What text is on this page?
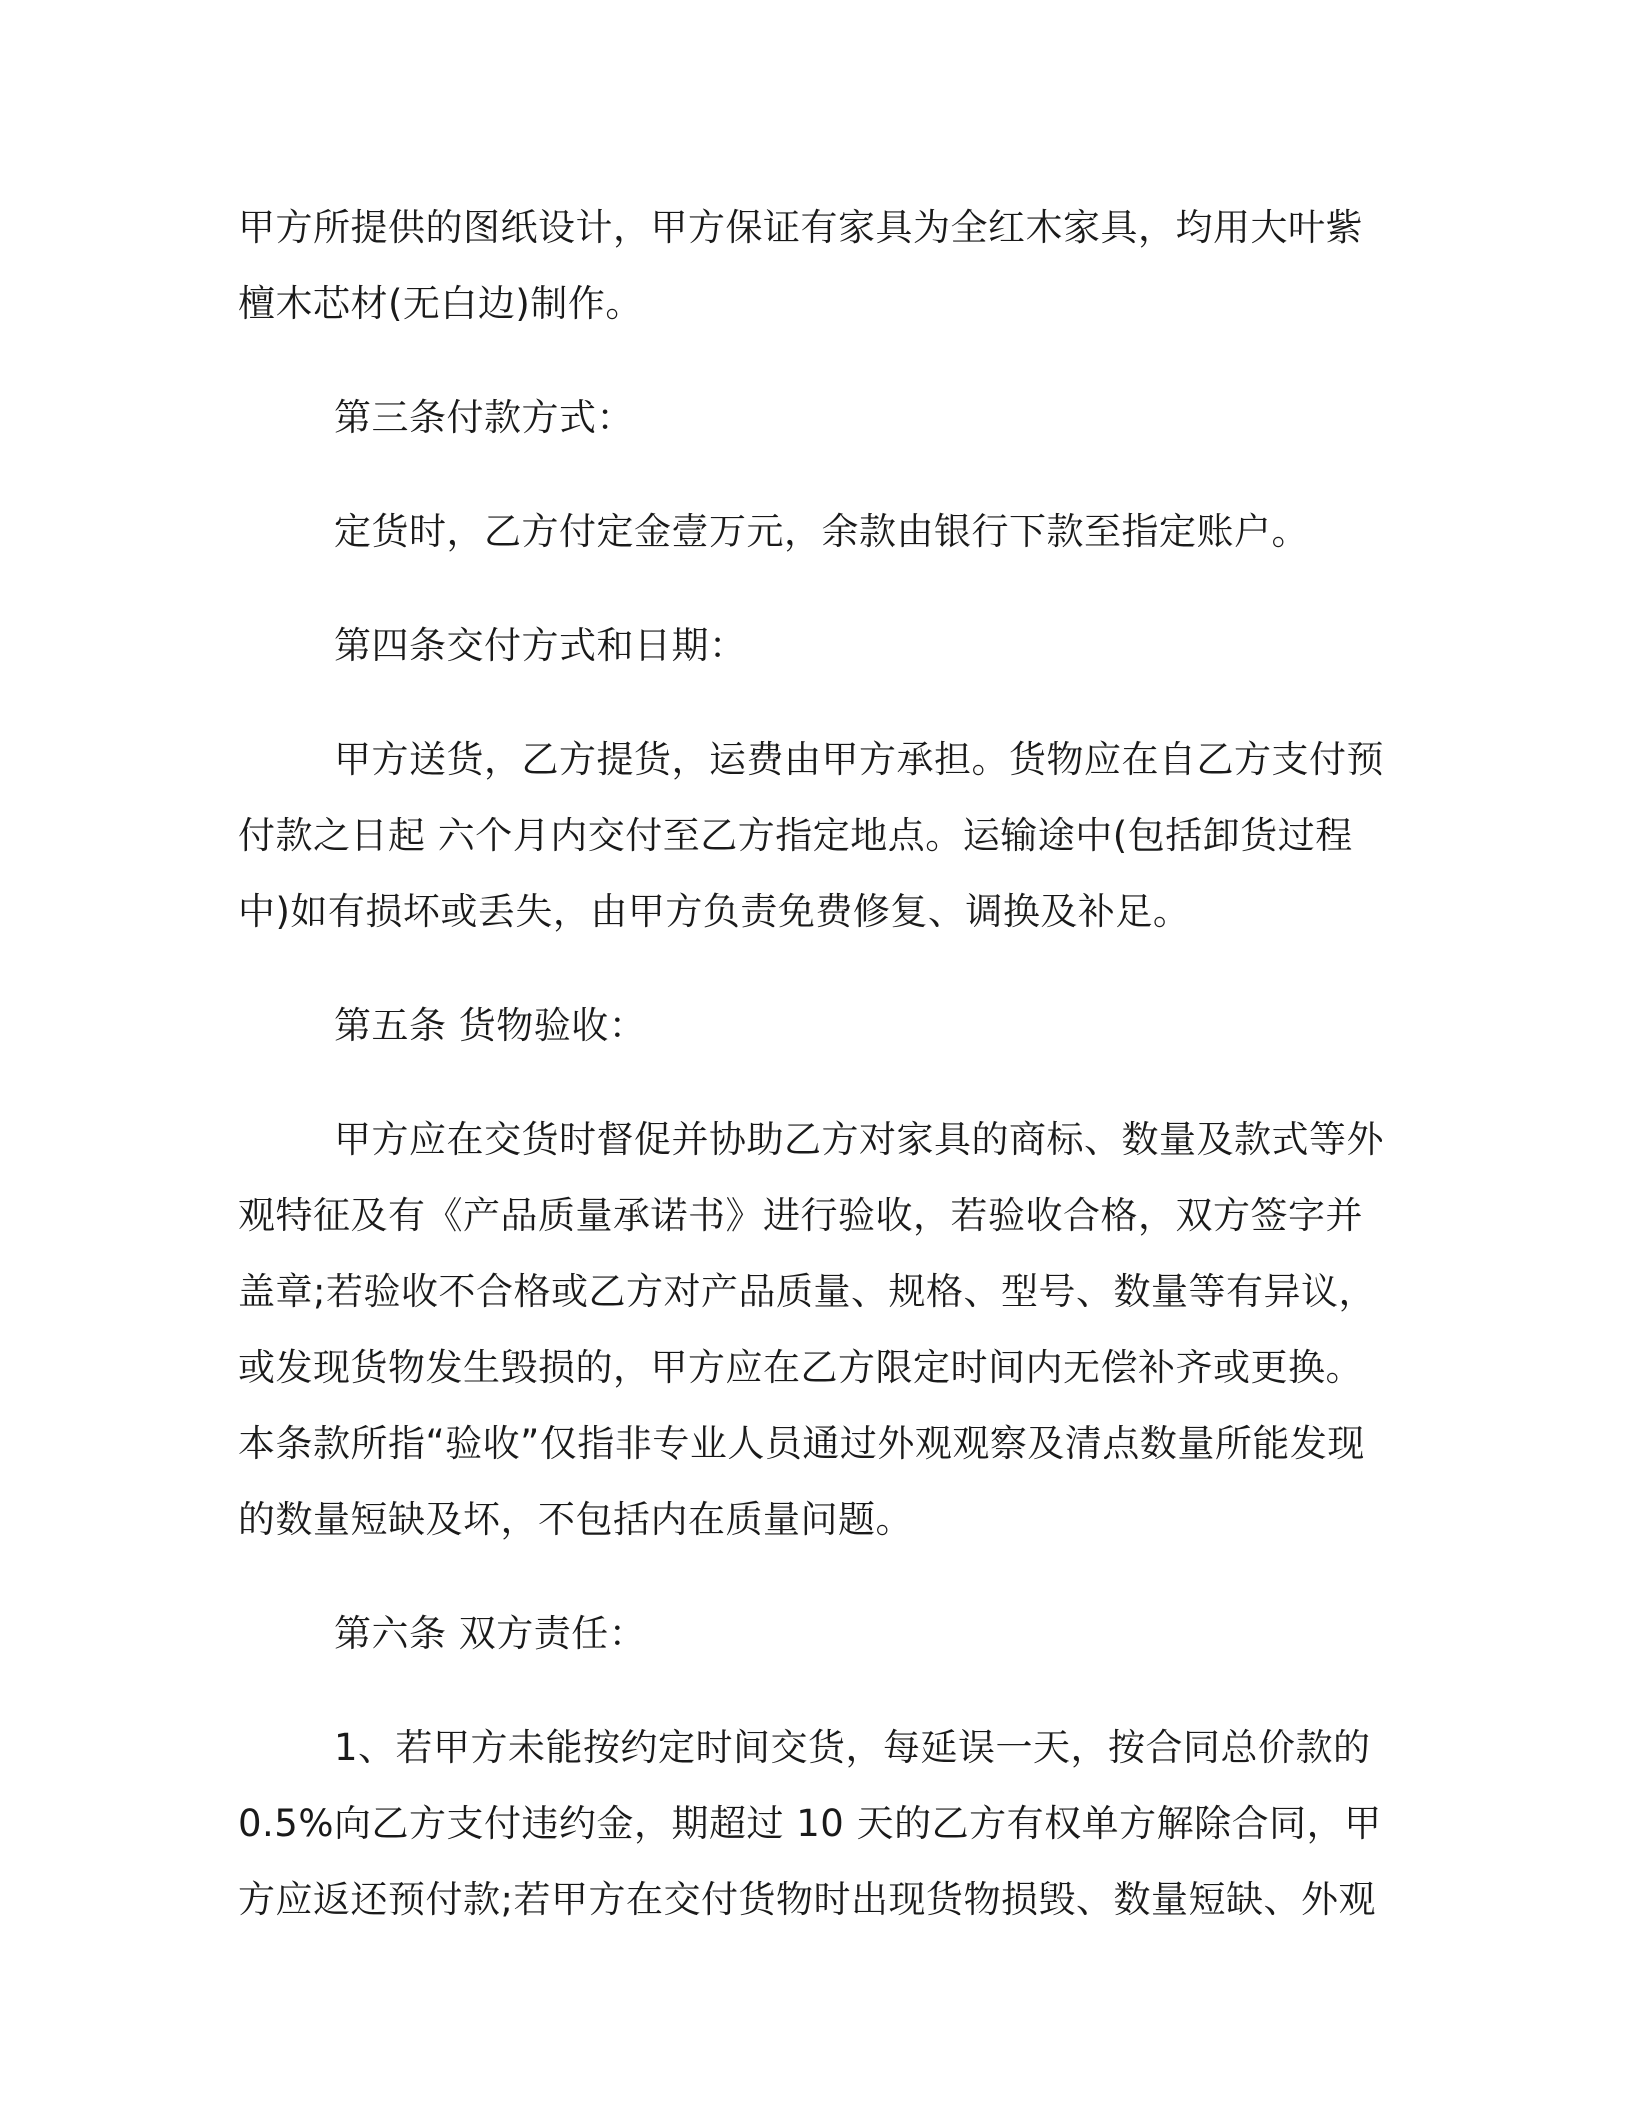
甲方所提供的图纸设计，甲方保证有家具为全红木家具，均用大叶紫檀木芯材(无白边)制作。

第三条付款方式：

定货时，乙方付定金壹万元，余款由银行下款至指定账户。

第四条交付方式和日期：

甲方送货，乙方提货，运费由甲方承担。货物应在自乙方支付预付款之日起 六个月内交付至乙方指定地点。运输途中(包括卸货过程中)如有损坏或丢失，由甲方负责免费修复、调换及补足。

第五条 货物验收：

甲方应在交货时督促并协助乙方对家具的商标、数量及款式等外观特征及有《产品质量承诺书》进行验收，若验收合格，双方签字并盖章;若验收不合格或乙方对产品质量、规格、型号、数量等有异议，或发现货物发生毁损的，甲方应在乙方限定时间内无偿补齐或更换。本条款所指“验收”仅指非专业人员通过外观观察及清点数量所能发现的数量短缺及坏，不包括内在质量问题。

第六条 双方责任：

1、若甲方未能按约定时间交货，每延误一天，按合同总价款的0.5%向乙方支付违约金，期超过 10 天的乙方有权单方解除合同，甲方应返还预付款;若甲方在交付货物时出现货物损毁、数量短缺、外观
